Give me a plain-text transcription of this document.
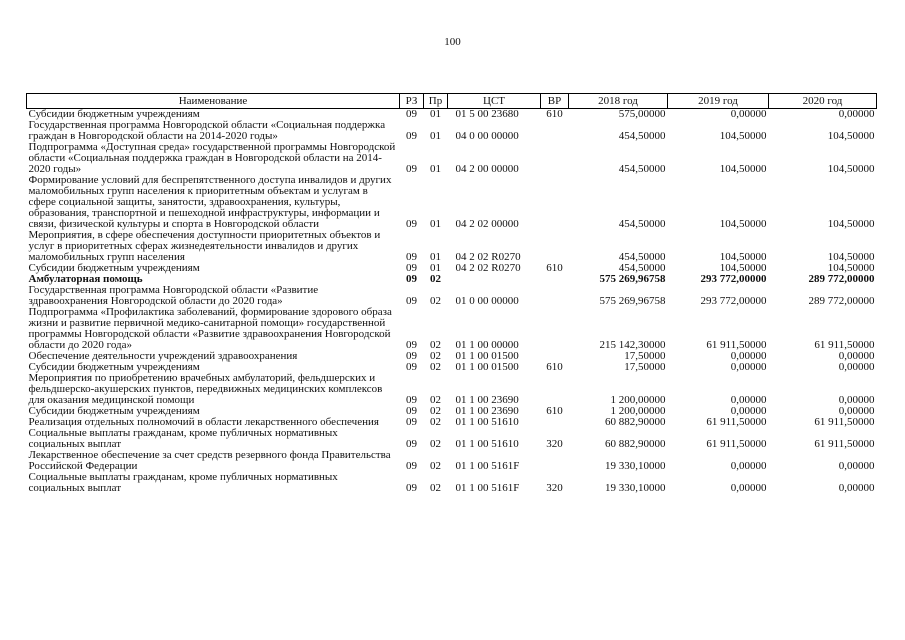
100
Наименование	РЗ	Пр	ЦСТ	ВР	2018 год	2019 год	2020 год
Субсидии бюджетным учреждениям	09	01	01 5 00 23680	610	575,00000	0,00000	0,00000
Государственная программа Новгородской области «Социальная поддержка граждан в Новгородской области на 2014-2020 годы»	09	01	04 0 00 00000		454,50000	104,50000	104,50000
Подпрограмма «Доступная среда» государственной программы Новгородской области «Социальная поддержка граждан в Новгородской области на 2014-2020 годы»	09	01	04 2 00 00000		454,50000	104,50000	104,50000
Формирование условий для беспрепятственного доступа инвалидов и других маломобильных групп населения к приоритетным объектам и услугам в сфере социальной защиты, занятости, здравоохранения, культуры, образования, транспортной и пешеходной инфраструктуры, информации и связи, физической культуры и спорта в Новгородской области	09	01	04 2 02 00000		454,50000	104,50000	104,50000
Мероприятия, в сфере обеспечения доступности приоритетных объектов и услуг в приоритетных сферах жизнедеятельности инвалидов и других маломобильных групп населения	09	01	04 2 02 R0270		454,50000	104,50000	104,50000
Субсидии бюджетным учреждениям	09	01	04 2 02 R0270	610	454,50000	104,50000	104,50000
Амбулаторная помощь	09	02			575 269,96758	293 772,00000	289 772,00000
Государственная программа Новгородской области «Развитие здравоохранения Новгородской области до 2020 года»	09	02	01 0 00 00000		575 269,96758	293 772,00000	289 772,00000
Подпрограмма «Профилактика заболеваний, формирование здорового образа жизни и развитие первичной медико-санитарной помощи» государственной программы Новгородской области «Развитие здравоохранения Новгородской области до 2020 года»	09	02	01 1 00 00000		215 142,30000	61 911,50000	61 911,50000
Обеспечение деятельности учреждений здравоохранения	09	02	01 1 00 01500		17,50000	0,00000	0,00000
Субсидии бюджетным учреждениям	09	02	01 1 00 01500	610	17,50000	0,00000	0,00000
Мероприятия по приобретению врачебных амбулаторий, фельдшерских и фельдшерско-акушерских пунктов, передвижных медицинских комплексов для оказания медицинской помощи	09	02	01 1 00 23690		1 200,00000	0,00000	0,00000
Субсидии бюджетным учреждениям	09	02	01 1 00 23690	610	1 200,00000	0,00000	0,00000
Реализация отдельных полномочий в области лекарственного обеспечения	09	02	01 1 00 51610		60 882,90000	61 911,50000	61 911,50000
Социальные выплаты гражданам, кроме публичных нормативных социальных выплат	09	02	01 1 00 51610	320	60 882,90000	61 911,50000	61 911,50000
Лекарственное обеспечение за счет средств резервного фонда Правительства Российской Федерации	09	02	01 1 00 5161F		19 330,10000	0,00000	0,00000
Социальные выплаты гражданам, кроме публичных нормативных социальных выплат	09	02	01 1 00 5161F	320	19 330,10000	0,00000	0,00000
